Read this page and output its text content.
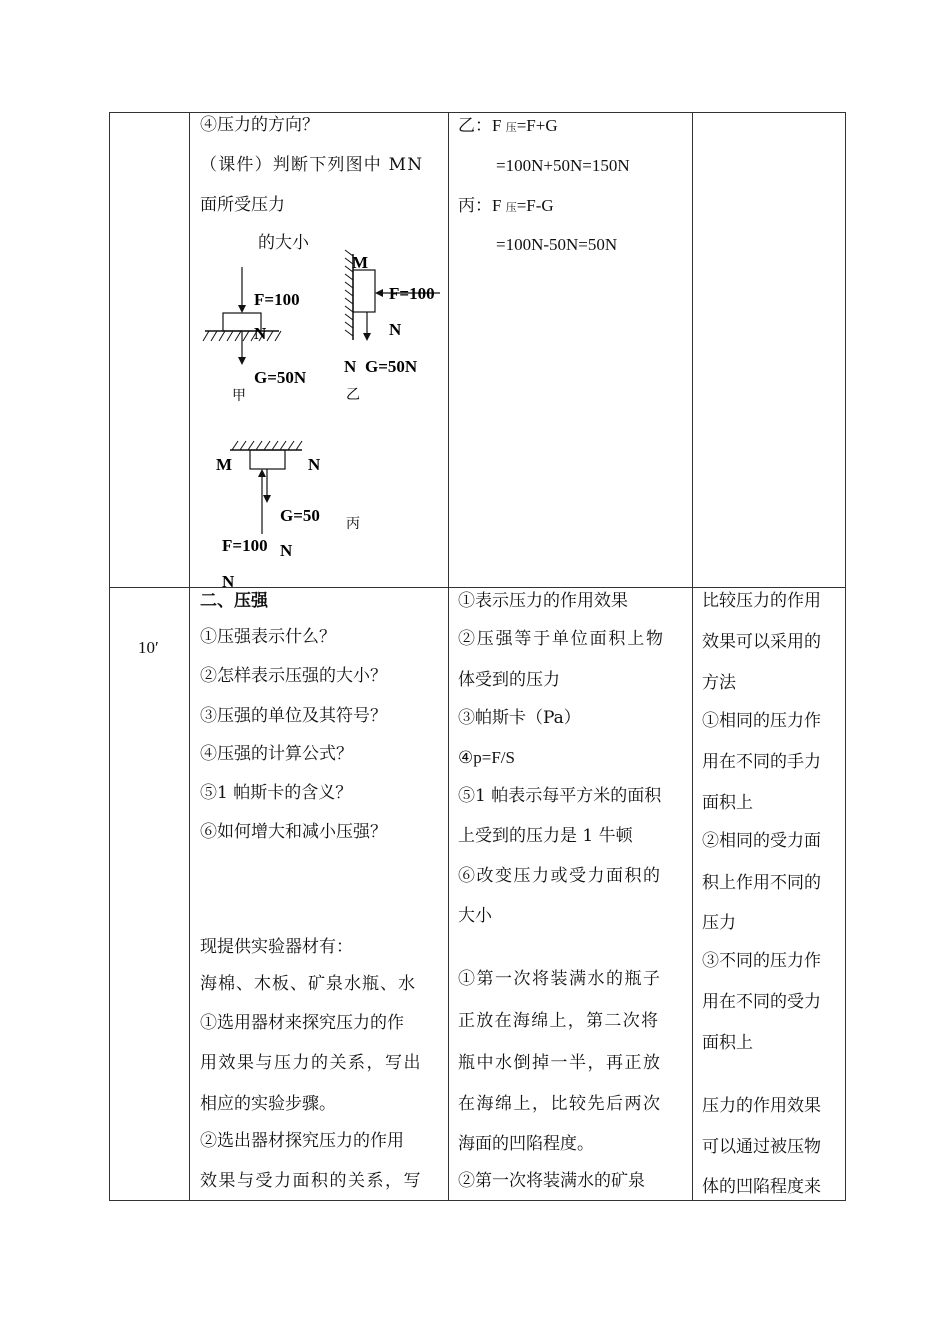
④压力的方向？
（课件）判断下列图中 MN
面所受压力
的大小
F=100
N
G=50N
甲
M
F=100
N
N G=50N
乙
M	N
G=50
N
丙
F=100
N
乙：F 压=F+G
=100N+50N=150N
丙：F 压=F-G
=100N-50N=50N
10′
二、压强
①压强表示什么？
②怎样表示压强的大小？
③压强的单位及其符号？
④压强的计算公式？
⑤1 帕斯卡的含义？
⑥如何增大和减小压强？
现提供实验器材有：
海棉、木板、矿泉水瓶、水
①选用器材来探究压力的作
用效果与压力的关系，写出
相应的实验步骤。
②选出器材探究压力的作用
效果与受力面积的关系，写
①表示压力的作用效果
②压强等于单位面积上物
体受到的压力
③帕斯卡（Pa）
④p=F/S
⑤1 帕表示每平方米的面积
上受到的压力是 1 牛顿
⑥改变压力或受力面积的
大小
①第一次将装满水的瓶子
正放在海绵上，第二次将
瓶中水倒掉一半，再正放
在海绵上，比较先后两次
海面的凹陷程度。
②第一次将装满水的矿泉
比较压力的作用
效果可以采用的
方法
①相同的压力作
用在不同的手力
面积上
②相同的受力面
积上作用不同的
压力
③不同的压力作
用在不同的受力
面积上
压力的作用效果
可以通过被压物
体的凹陷程度来
